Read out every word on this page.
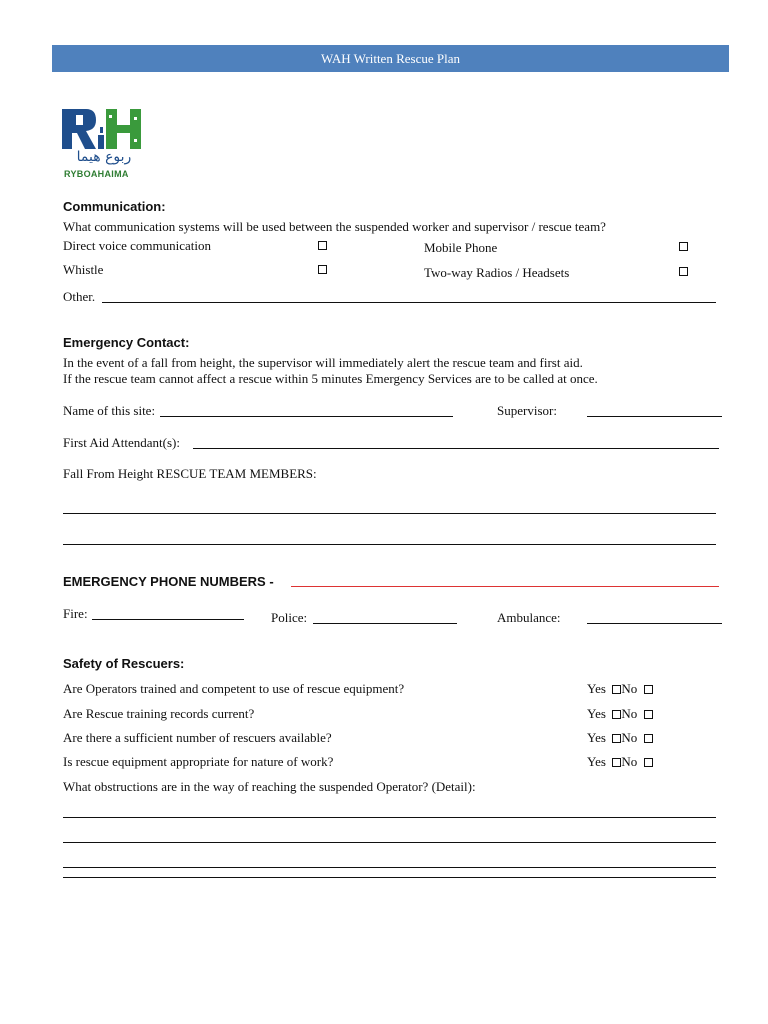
WAH Written Rescue Plan
ربوع هيما
RYBOAHAIMA
Communication:
What communication systems will be used between the suspended worker and supervisor / rescue team?
Direct voice communication	Mobile Phone
Whistle	Two-way Radios / Headsets
Other.
Emergency Contact:
In the event of a fall from height, the supervisor will immediately alert the rescue team and first aid.
If the rescue team cannot affect a rescue within 5 minutes Emergency Services are to be called at once.
Name of this site:	Supervisor:
First Aid Attendant(s):
Fall From Height RESCUE TEAM MEMBERS:
EMERGENCY PHONE NUMBERS -
Fire:	Police:	Ambulance:
Safety of Rescuers:
Are Operators trained and competent to use of rescue equipment?	Yes No
Are Rescue training records current?	Yes No
Are there a sufficient number of rescuers available?	Yes No
Is rescue equipment appropriate for nature of work?	Yes No
What obstructions are in the way of reaching the suspended Operator? (Detail):
